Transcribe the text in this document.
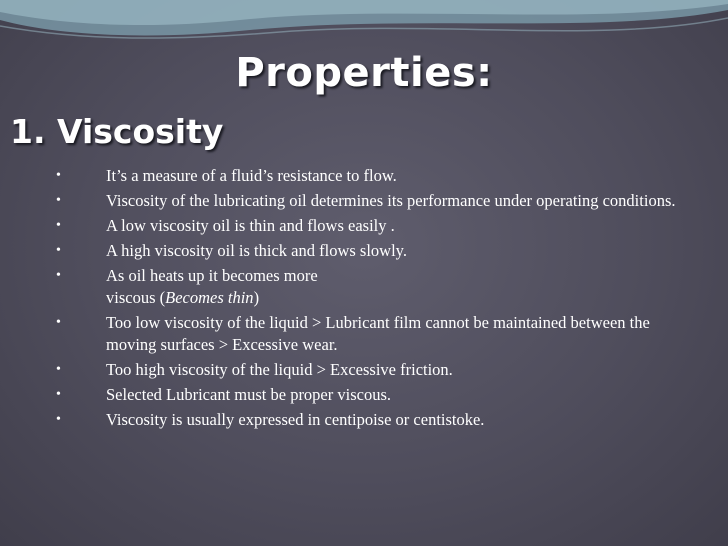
Properties:
1. Viscosity
•	It’s a measure of a fluid’s resistance to flow.
•	Viscosity of the lubricating oil determines its performance under operating conditions.
•	A low viscosity oil is thin and flows easily .
•	A high viscosity oil is thick and flows slowly.
•	As oil heats up it becomes more
viscous (Becomes thin)
•	Too low viscosity of the liquid > Lubricant film cannot be maintained between the moving surfaces > Excessive wear.
•	Too high viscosity of the liquid > Excessive friction.
•	Selected Lubricant must be proper viscous.
•	Viscosity is usually expressed in centipoise or centistoke.
